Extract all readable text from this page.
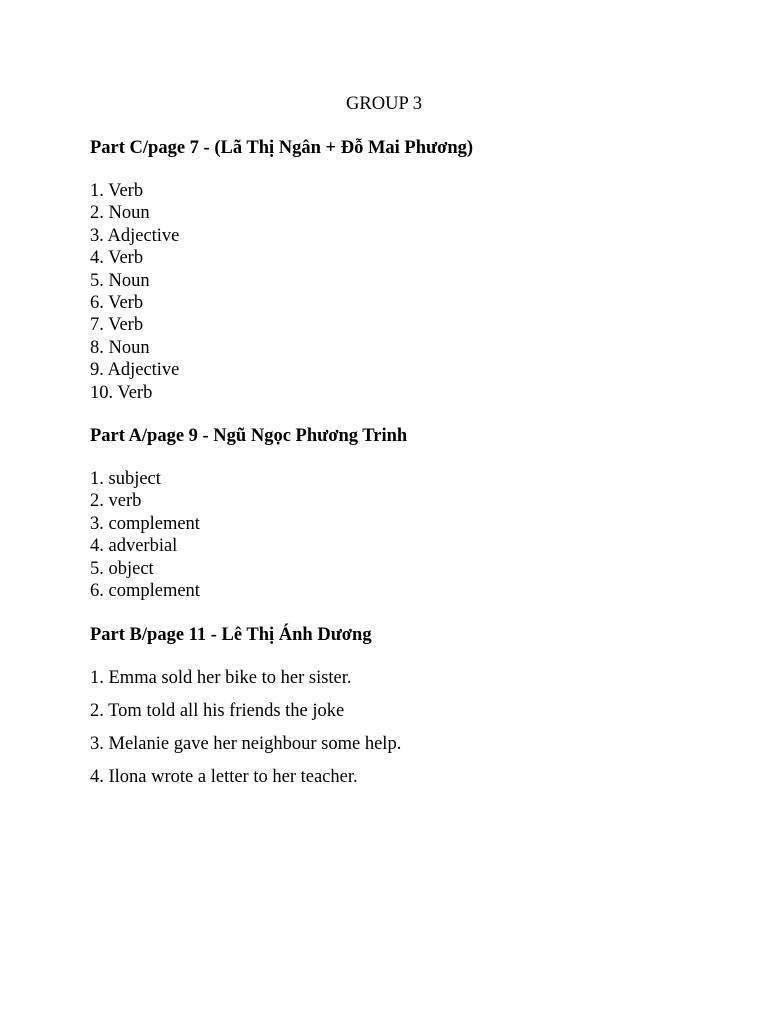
GROUP 3
Part C/page 7 - (Lã Thị Ngân + Đỗ Mai Phương)
1. Verb
2. Noun
3. Adjective
4. Verb
5. Noun
6. Verb
7. Verb
8. Noun
9. Adjective
10. Verb
Part A/page 9 - Ngũ Ngọc Phương Trinh
1. subject
2. verb
3. complement
4. adverbial
5. object
6. complement
Part B/page 11 - Lê Thị Ánh Dương
1. Emma sold her bike to her sister.
2. Tom told all his friends the joke
3. Melanie gave her neighbour some help.
4. Ilona wrote a letter to her teacher.
